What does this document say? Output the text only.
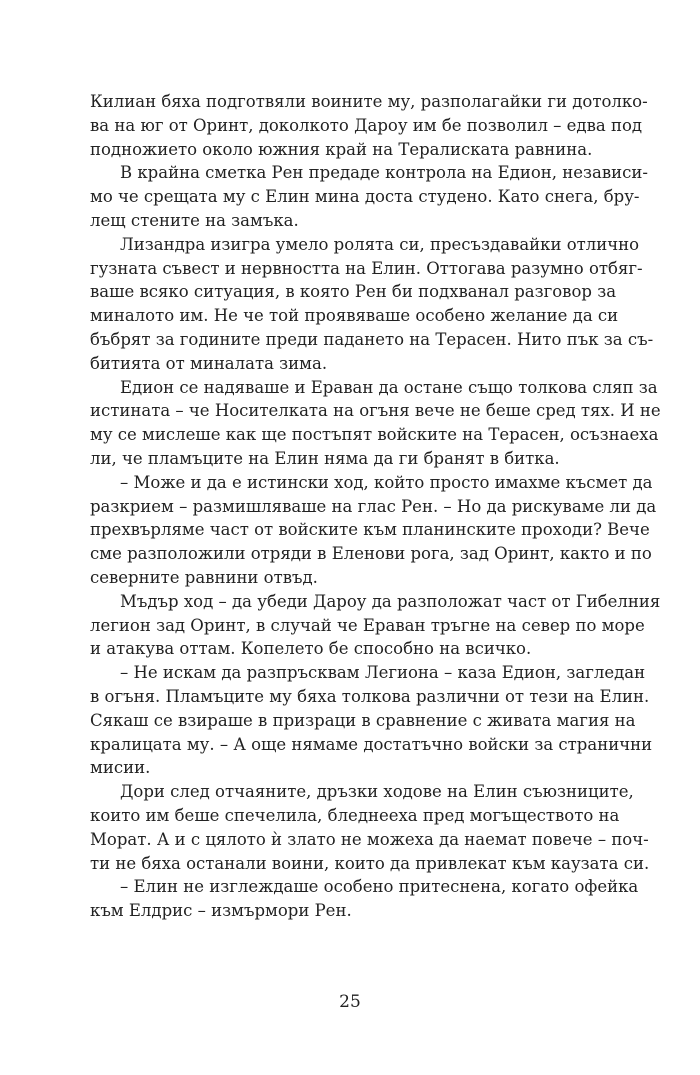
Килиан бяха подготвяли воините му, разполагайки ги дотолко-
ва на юг от Оринт, доколкото Дароу им бе позволил – едва под
подножието около южния край на Тералиската равнина.
В крайна сметка Рен предаде контрола на Едион, независи-
мо че срещата му с Елин мина доста студено. Като снега, бру-
лещ стените на замъка.
Лизандра изигра умело ролята си, пресъздавайки отлично
гузната съвест и нервността на Елин. Оттогава разумно отбяг-
ваше всяко ситуация, в която Рен би подхванал разговор за
миналото им. Не че той проявяваше особено желание да си
бъбрят за годините преди падането на Терасен. Нито пък за съ-
битията от миналата зима.
Едион се надяваше и Ераван да остане също толкова сляп за
истината – че Носителката на огъня вече не беше сред тях. И не
му се мислеше как ще постъпят войските на Терасен, осъзнаеха
ли, че пламъците на Елин няма да ги бранят в битка.
– Може и да е истински ход, който просто имахме късмет да
разкрием – размишляваше на глас Рен. – Но да рискуваме ли да
прехвърляме част от войските към планинските проходи? Вече
сме разположили отряди в Еленови рога, зад Оринт, както и по
северните равнини отвъд.
Мъдър ход – да убеди Дароу да разположат част от Гибелния
легион зад Оринт, в случай че Ераван тръгне на север по море
и атакува оттам. Копелето бе способно на всичко.
– Не искам да разпръсквам Легиона – каза Едион, загледан
в огъня. Пламъците му бяха толкова различни от тези на Елин.
Сякаш се взираше в призраци в сравнение с живата магия на
кралицата му. – А още нямаме достатъчно войски за странични
мисии.
Дори след отчаяните, дръзки ходове на Елин съюзниците,
които им беше спечелила, бледнееха пред могъществото на
Морат. А и с цялото ѝ злато не можеха да наемат повече – поч-
ти не бяха останали воини, които да привлекат към каузата си.
– Елин не изглеждаше особено притеснена, когато офейка
към Елдрис – измърмори Рен.
25
